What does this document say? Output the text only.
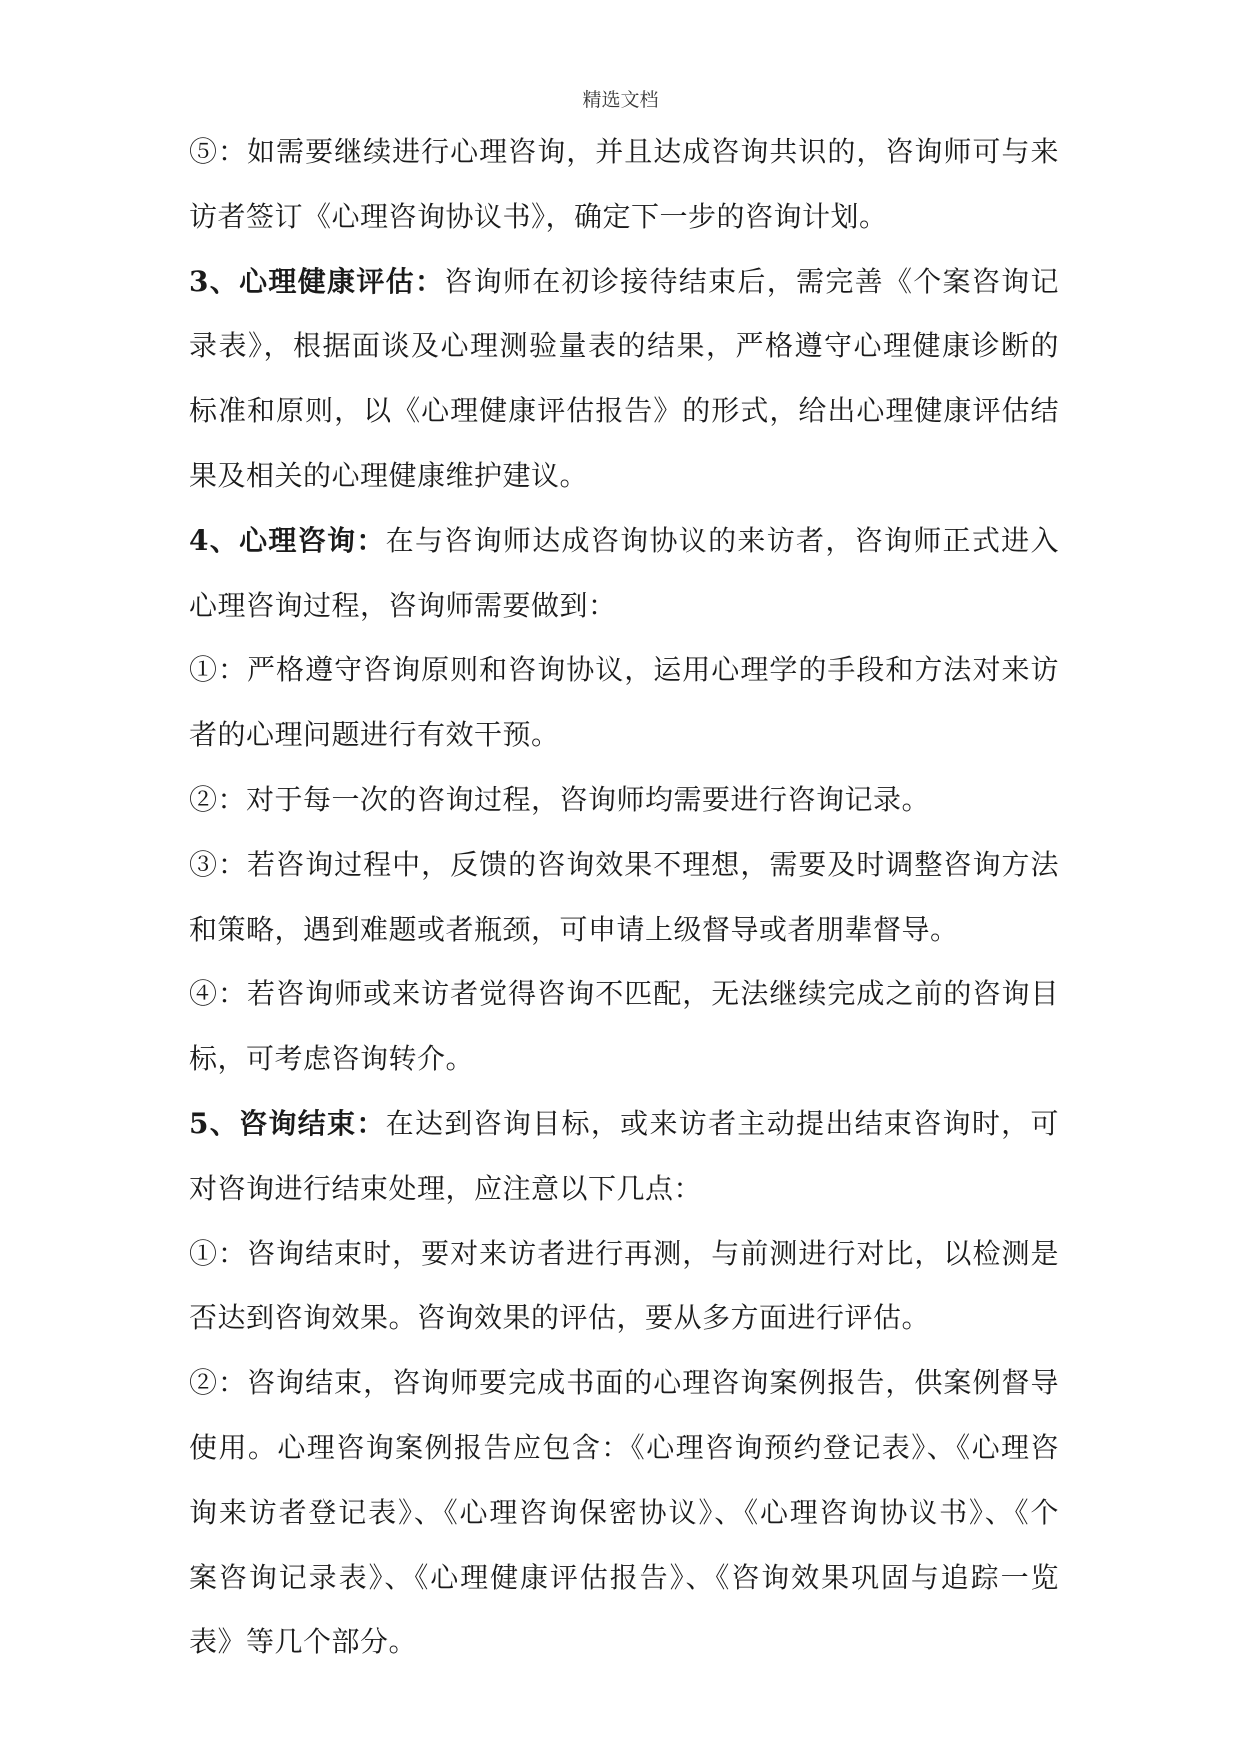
精选文档
⑤：如需要继续进行心理咨询，并且达成咨询共识的，咨询师可与来
访者签订《心理咨询协议书》，确定下一步的咨询计划。
3、心理健康评估：咨询师在初诊接待结束后，需完善《个案咨询记
录表》，根据面谈及心理测验量表的结果，严格遵守心理健康诊断的
标准和原则，以《心理健康评估报告》的形式，给出心理健康评估结
果及相关的心理健康维护建议。
4、心理咨询：在与咨询师达成咨询协议的来访者，咨询师正式进入
心理咨询过程，咨询师需要做到：
①：严格遵守咨询原则和咨询协议，运用心理学的手段和方法对来访
者的心理问题进行有效干预。
②：对于每一次的咨询过程，咨询师均需要进行咨询记录。
③：若咨询过程中，反馈的咨询效果不理想，需要及时调整咨询方法
和策略，遇到难题或者瓶颈，可申请上级督导或者朋辈督导。
④：若咨询师或来访者觉得咨询不匹配，无法继续完成之前的咨询目
标，可考虑咨询转介。
5、咨询结束：在达到咨询目标，或来访者主动提出结束咨询时，可
对咨询进行结束处理，应注意以下几点：
①：咨询结束时，要对来访者进行再测，与前测进行对比，以检测是
否达到咨询效果。咨询效果的评估，要从多方面进行评估。
②：咨询结束，咨询师要完成书面的心理咨询案例报告，供案例督导
使用。心理咨询案例报告应包含：《心理咨询预约登记表》、《心理咨
询来访者登记表》、《心理咨询保密协议》、《心理咨询协议书》、《个
案咨询记录表》、《心理健康评估报告》、《咨询效果巩固与追踪一览
表》等几个部分。
